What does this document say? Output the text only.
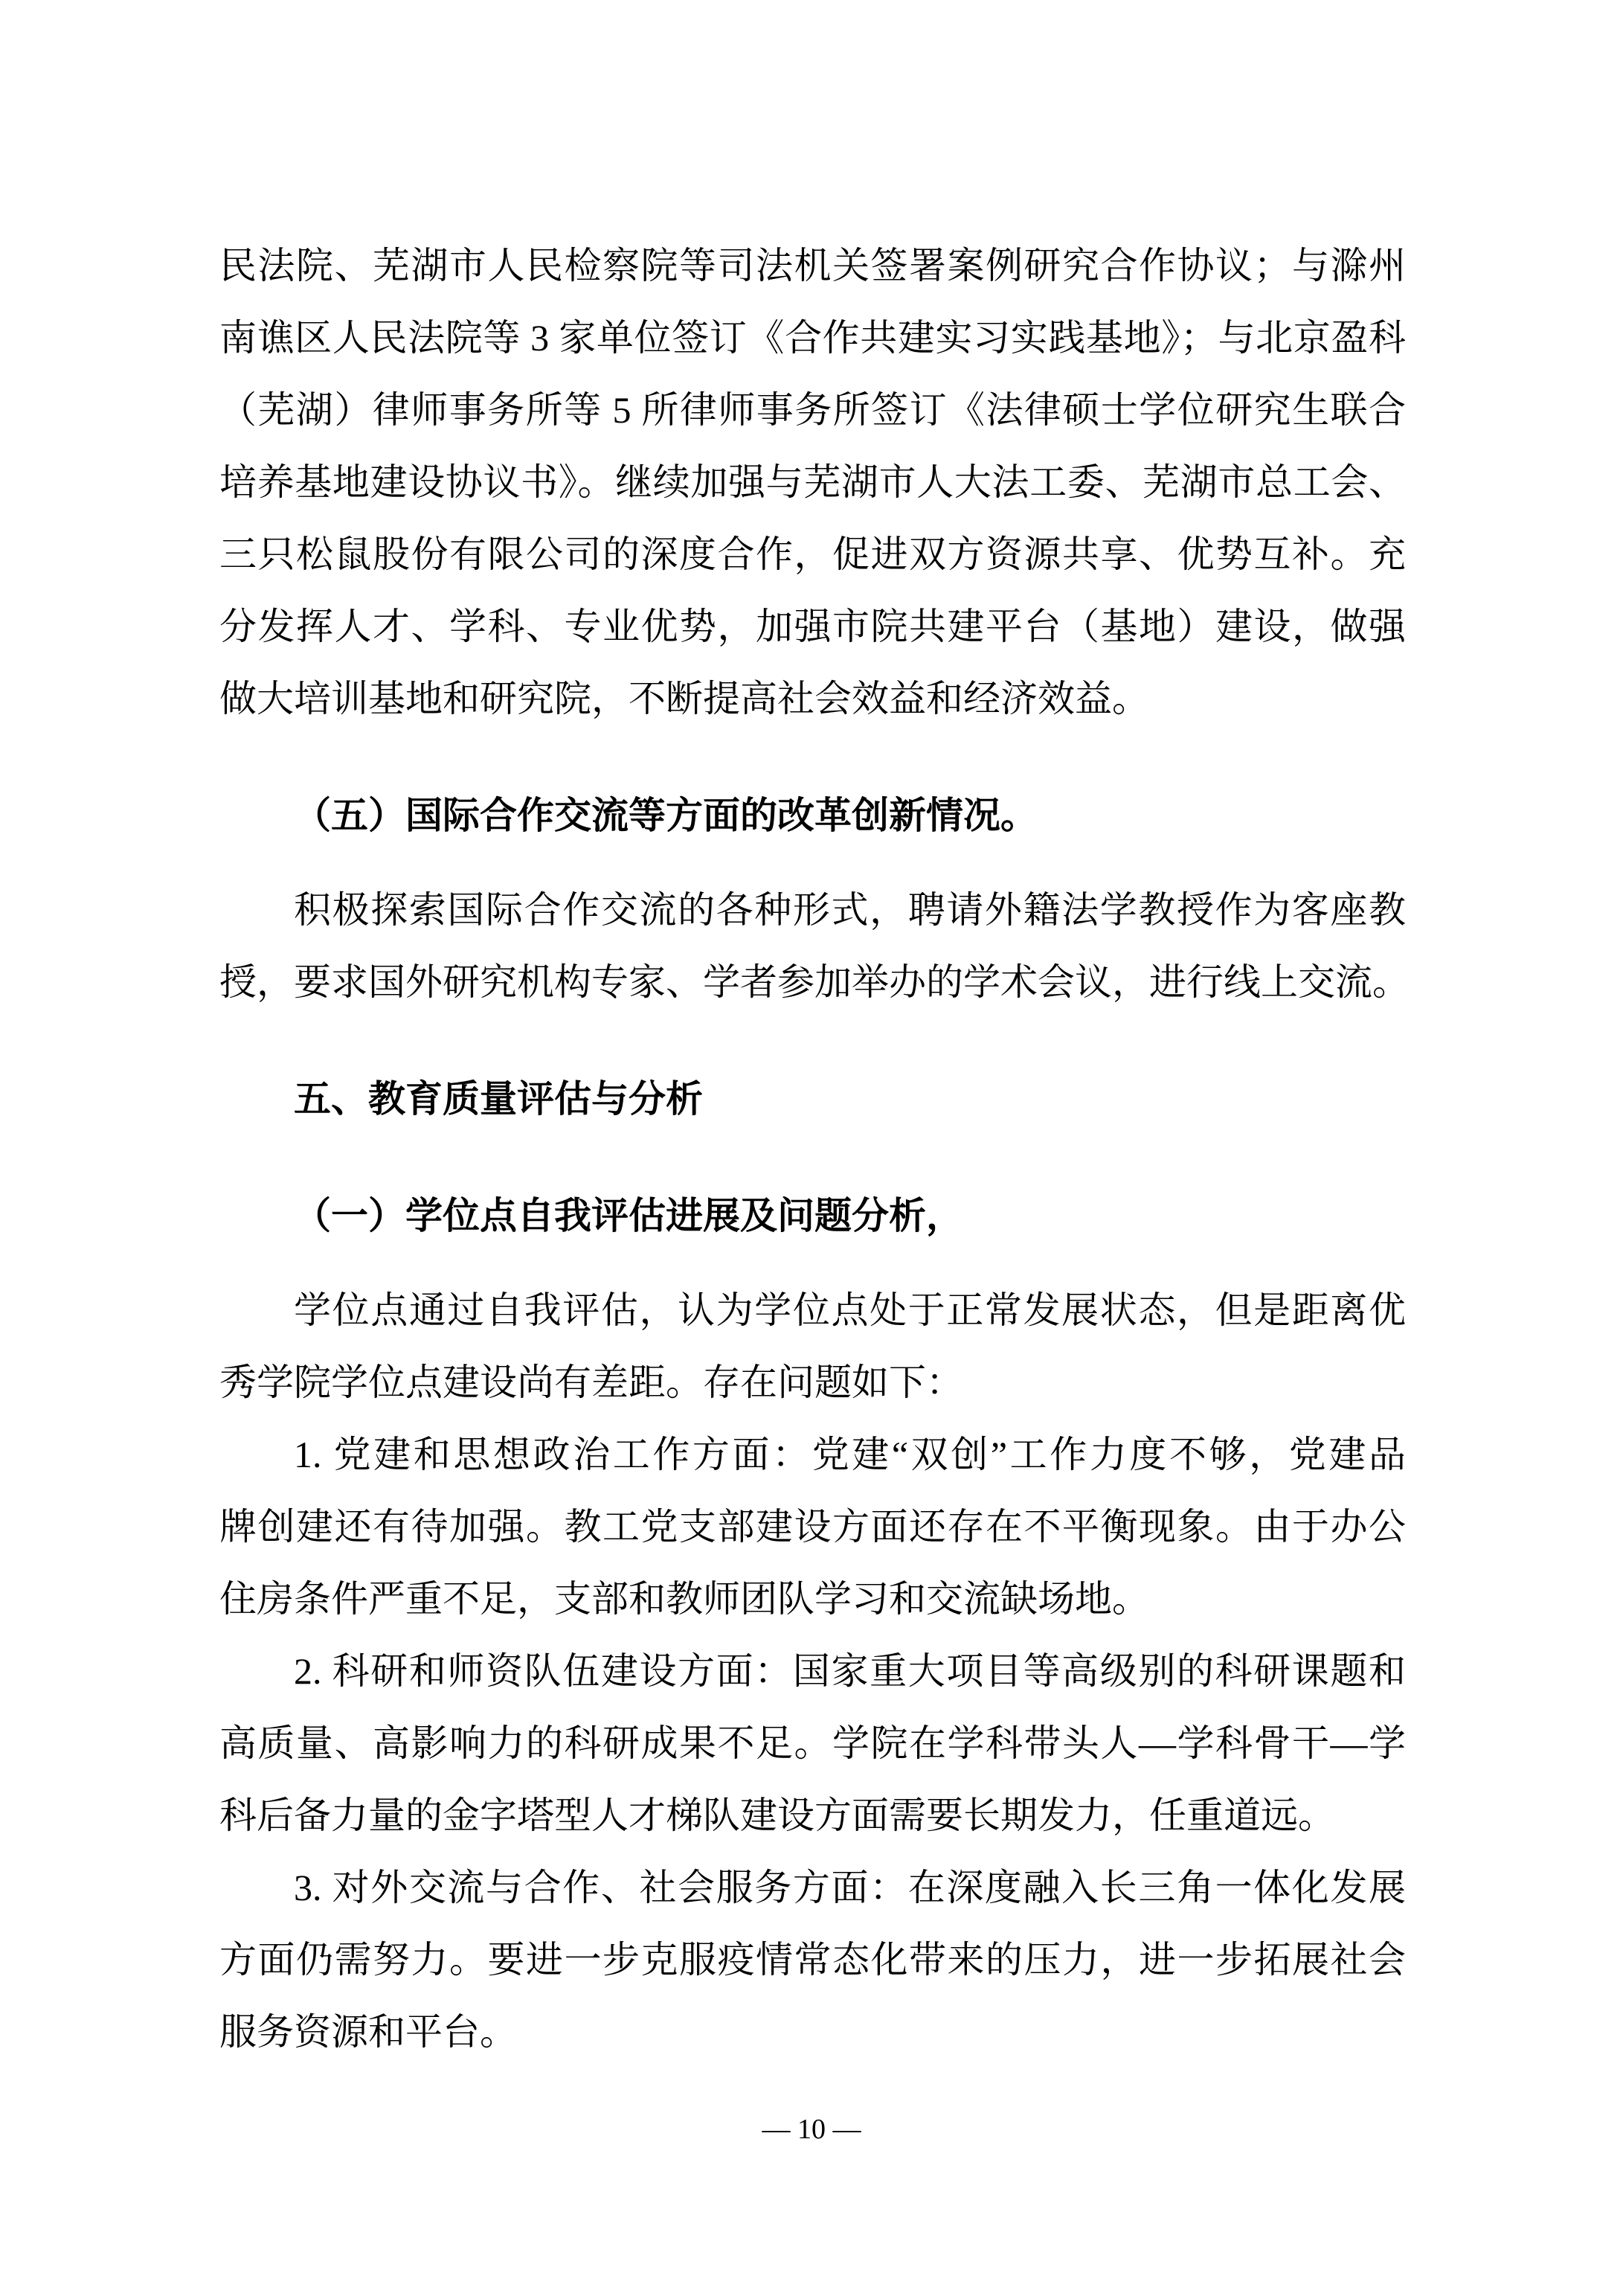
民法院、芜湖市人民检察院等司法机关签署案例研究合作协议；与滁州
南谯区人民法院等 3 家单位签订《合作共建实习实践基地》；与北京盈科
（芜湖）律师事务所等 5 所律师事务所签订《法律硕士学位研究生联合
培养基地建设协议书》。继续加强与芜湖市人大法工委、芜湖市总工会、
三只松鼠股份有限公司的深度合作，促进双方资源共享、优势互补。充
分发挥人才、学科、专业优势，加强市院共建平台（基地）建设，做强
做大培训基地和研究院，不断提高社会效益和经济效益。
（五）国际合作交流等方面的改革创新情况。
积极探索国际合作交流的各种形式，聘请外籍法学教授作为客座教
授，要求国外研究机构专家、学者参加举办的学术会议，进行线上交流。
五、教育质量评估与分析
（一）学位点自我评估进展及问题分析，
学位点通过自我评估，认为学位点处于正常发展状态，但是距离优
秀学院学位点建设尚有差距。存在问题如下：
1. 党建和思想政治工作方面：党建“双创”工作力度不够，党建品
牌创建还有待加强。教工党支部建设方面还存在不平衡现象。由于办公
住房条件严重不足，支部和教师团队学习和交流缺场地。
2. 科研和师资队伍建设方面：国家重大项目等高级别的科研课题和
高质量、高影响力的科研成果不足。学院在学科带头人—学科骨干—学
科后备力量的金字塔型人才梯队建设方面需要长期发力，任重道远。
3. 对外交流与合作、社会服务方面：在深度融入长三角一体化发展
方面仍需努力。要进一步克服疫情常态化带来的压力，进一步拓展社会
服务资源和平台。
— 10 —
